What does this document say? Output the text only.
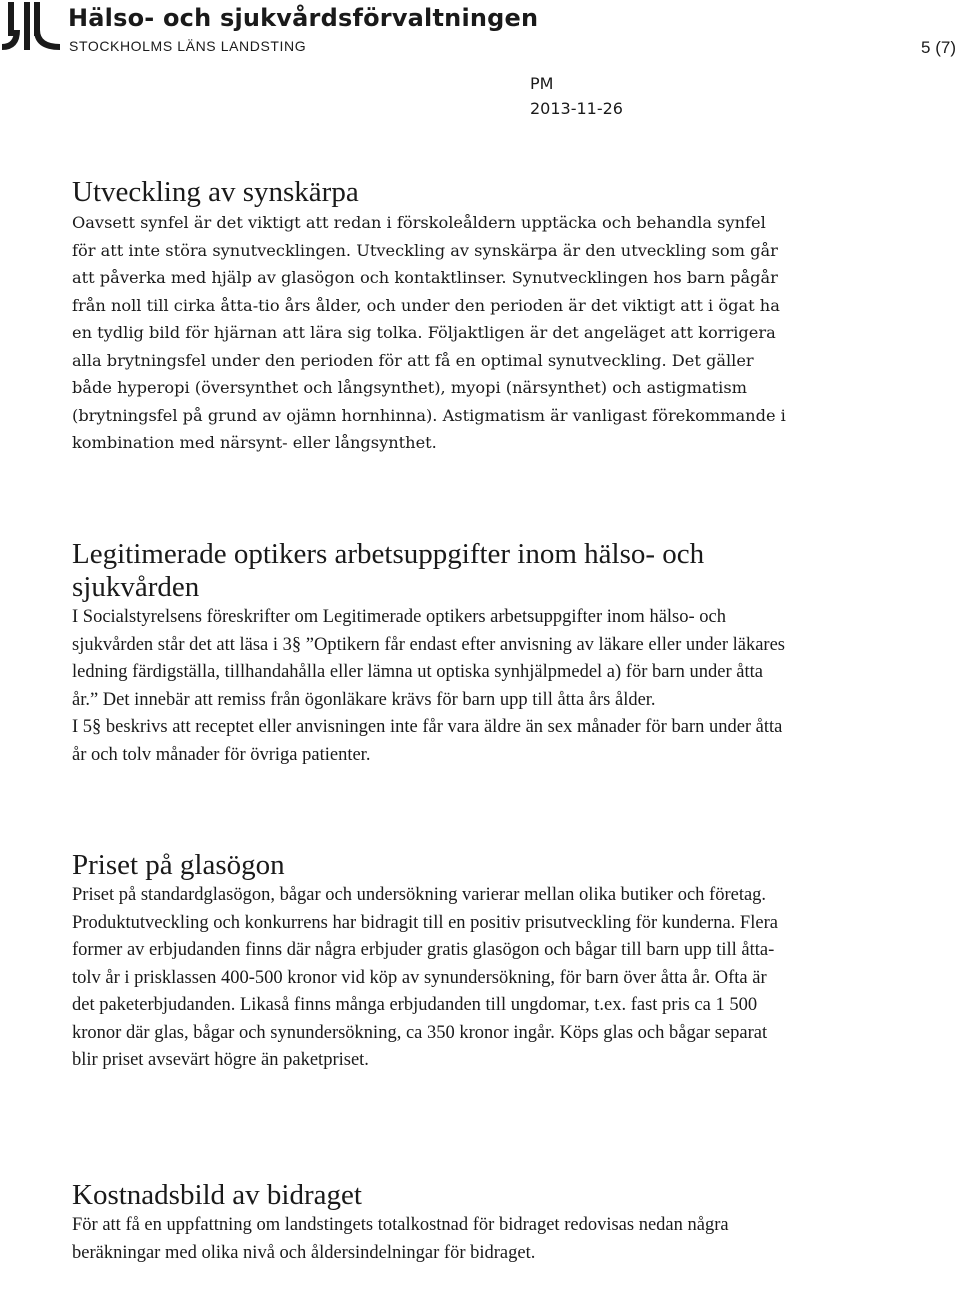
Hälso- och sjukvårdsförvaltningen
STOCKHOLMS LÄNS LANDSTING	5 (7)
PM
2013-11-26
Utveckling av synskärpa

Oavsett synfel är det viktigt att redan i förskoleåldern upptäcka och behandla synfel för att inte störa synutvecklingen. Utveckling av synskärpa är den utveckling som går att påverka med hjälp av glasögon och kontaktlinser. Synutvecklingen hos barn pågår från noll till cirka åtta-tio års ålder, och under den perioden är det viktigt att i ögat ha en tydlig bild för hjärnan att lära sig tolka. Följaktligen är det angeläget att korrigera alla brytningsfel under den perioden för att få en optimal synutveckling. Det gäller både hyperopi (översynthet och långsynthet), myopi (närsynthet) och astigmatism (brytningsfel på grund av ojämn hornhinna). Astigmatism är vanligast förekommande i kombination med närsynt- eller långsynthet.

Legitimerade optikers arbetsuppgifter inom hälso- och sjukvården

I Socialstyrelsens föreskrifter om Legitimerade optikers arbetsuppgifter inom hälso- och sjukvården står det att läsa i 3§ ”Optikern får endast efter anvisning av läkare eller under läkares ledning färdigställa, tillhandahålla eller lämna ut optiska synhjälpmedel a) för barn under åtta år.” Det innebär att remiss från ögonläkare krävs för barn upp till åtta års ålder.

I 5§ beskrivs att receptet eller anvisningen inte får vara äldre än sex månader för barn under åtta år och tolv månader för övriga patienter.

Priset på glasögon

Priset på standardglasögon, bågar och undersökning varierar mellan olika butiker och företag. Produktutveckling och konkurrens har bidragit till en positiv prisutveckling för kunderna. Flera former av erbjudanden finns där några erbjuder gratis glasögon och bågar till barn upp till åtta-tolv år i prisklassen 400-500 kronor vid köp av synundersökning, för barn över åtta år. Ofta är det paketerbjudanden. Likaså finns många erbjudanden till ungdomar, t.ex. fast pris ca 1 500 kronor där glas, bågar och synundersökning, ca 350 kronor ingår. Köps glas och bågar separat blir priset avsevärt högre än paketpriset.

Kostnadsbild av bidraget

För att få en uppfattning om landstingets totalkostnad för bidraget redovisas nedan några beräkningar med olika nivå och åldersindelningar för bidraget.
